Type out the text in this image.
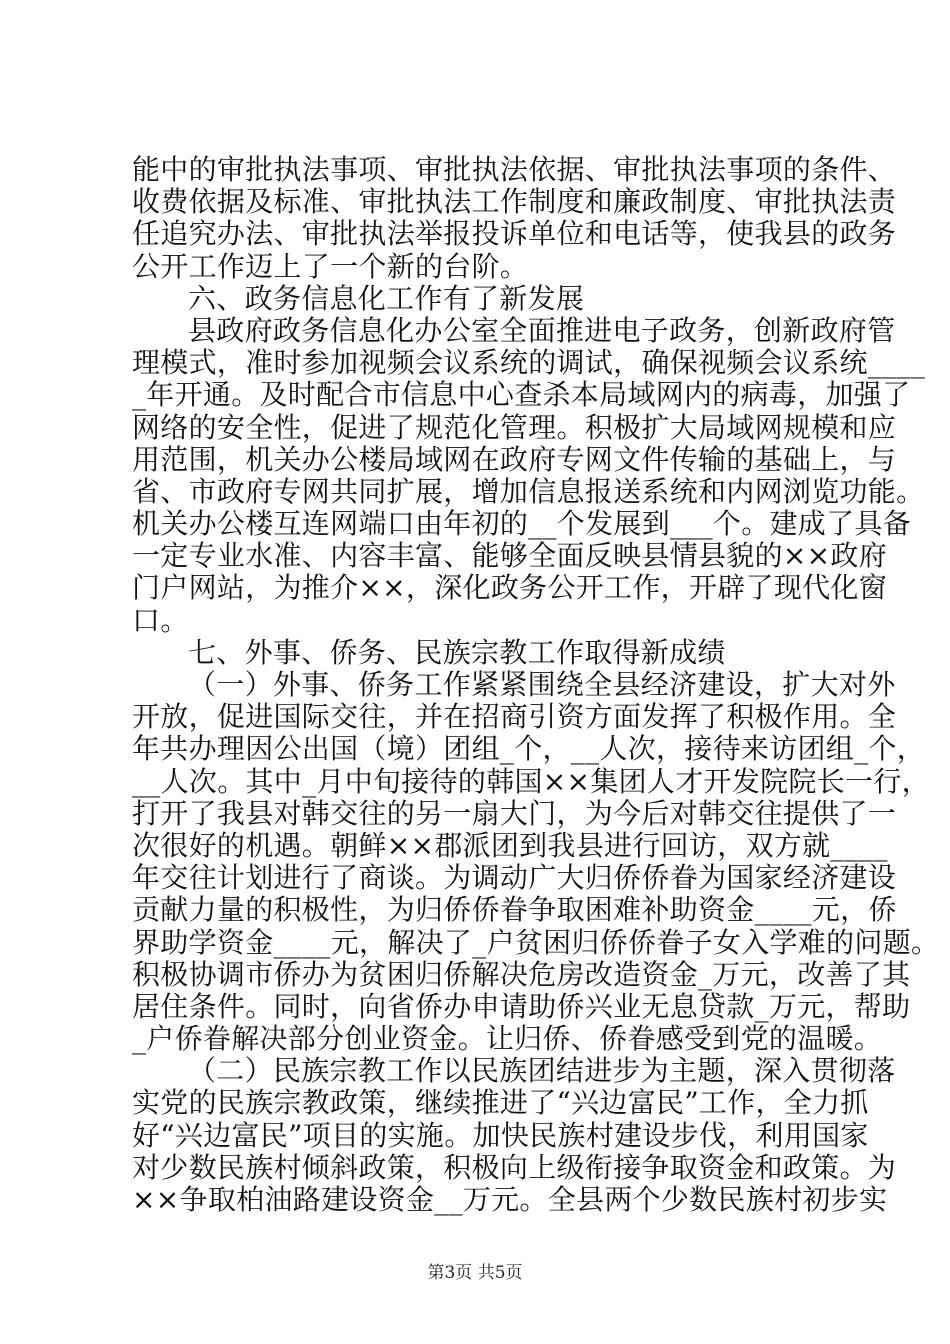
能中的审批执法事项、审批执法依据、审批执法事项的条件、
收费依据及标准、审批执法工作制度和廉政制度、审批执法责
任追究办法、审批执法举报投诉单位和电话等，使我县的政务
公开工作迈上了一个新的台阶。
六、政务信息化工作有了新发展
县政府政务信息化办公室全面推进电子政务，创新政府管
理模式，准时参加视频会议系统的调试，确保视频会议系统____
_年开通。及时配合市信息中心查杀本局域网内的病毒，加强了
网络的安全性，促进了规范化管理。积极扩大局域网规模和应
用范围，机关办公楼局域网在政府专网文件传输的基础上，与
省、市政府专网共同扩展，增加信息报送系统和内网浏览功能。
机关办公楼互连网端口由年初的__个发展到___个。建成了具备
一定专业水准、内容丰富、能够全面反映县情县貌的××政府
门户网站，为推介××，深化政务公开工作，开辟了现代化窗
口。
七、外事、侨务、民族宗教工作取得新成绩
（一）外事、侨务工作紧紧围绕全县经济建设，扩大对外
开放，促进国际交往，并在招商引资方面发挥了积极作用。全
年共办理因公出国（境）团组_个，__人次，接待来访团组_个，
__人次。其中_月中旬接待的韩国××集团人才开发院院长一行，
打开了我县对韩交往的另一扇大门，为今后对韩交往提供了一
次很好的机遇。朝鲜××郡派团到我县进行回访，双方就____
年交往计划进行了商谈。为调动广大归侨侨眷为国家经济建设
贡献力量的积极性，为归侨侨眷争取困难补助资金____元，侨
界助学资金____元，解决了_户贫困归侨侨眷子女入学难的问题。
积极协调市侨办为贫困归侨解决危房改造资金_万元，改善了其
居住条件。同时，向省侨办申请助侨兴业无息贷款_万元，帮助
_户侨眷解决部分创业资金。让归侨、侨眷感受到党的温暖。
（二）民族宗教工作以民族团结进步为主题，深入贯彻落
实党的民族宗教政策，继续推进了“兴边富民”工作，全力抓
好“兴边富民”项目的实施。加快民族村建设步伐，利用国家
对少数民族村倾斜政策，积极向上级衔接争取资金和政策。为
××争取柏油路建设资金__万元。全县两个少数民族村初步实
第3页 共5页
